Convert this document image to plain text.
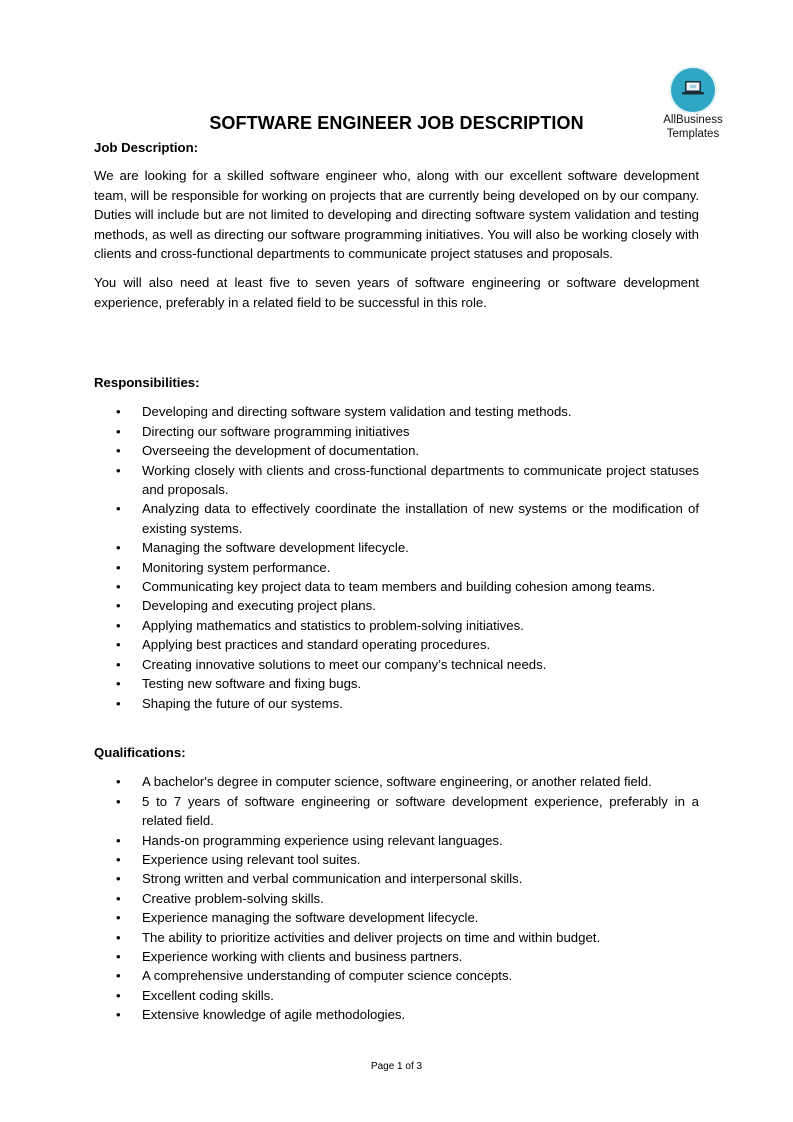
AllBusiness
Templates
SOFTWARE ENGINEER JOB DESCRIPTION

Job Description:

We are looking for a skilled software engineer who, along with our excellent software development team, will be responsible for working on projects that are currently being developed on by our company. Duties will include but are not limited to developing and directing software system validation and testing methods, as well as directing our software programming initiatives. You will also be working closely with clients and cross-functional departments to communicate project statuses and proposals.

You will also need at least five to seven years of software engineering or software development experience, preferably in a related field to be successful in this role.

Responsibilities:

• Developing and directing software system validation and testing methods.
• Directing our software programming initiatives
• Overseeing the development of documentation.
• Working closely with clients and cross-functional departments to communicate project statuses and proposals.
• Analyzing data to effectively coordinate the installation of new systems or the modification of existing systems.
• Managing the software development lifecycle.
• Monitoring system performance.
• Communicating key project data to team members and building cohesion among teams.
• Developing and executing project plans.
• Applying mathematics and statistics to problem-solving initiatives.
• Applying best practices and standard operating procedures.
• Creating innovative solutions to meet our company’s technical needs.
• Testing new software and fixing bugs.
• Shaping the future of our systems.

Qualifications:

• A bachelor's degree in computer science, software engineering, or another related field.
• 5 to 7 years of software engineering or software development experience, preferably in a related field.
• Hands-on programming experience using relevant languages.
• Experience using relevant tool suites.
• Strong written and verbal communication and interpersonal skills.
• Creative problem-solving skills.
• Experience managing the software development lifecycle.
• The ability to prioritize activities and deliver projects on time and within budget.
• Experience working with clients and business partners.
• A comprehensive understanding of computer science concepts.
• Excellent coding skills.
• Extensive knowledge of agile methodologies.
Page 1 of 3
